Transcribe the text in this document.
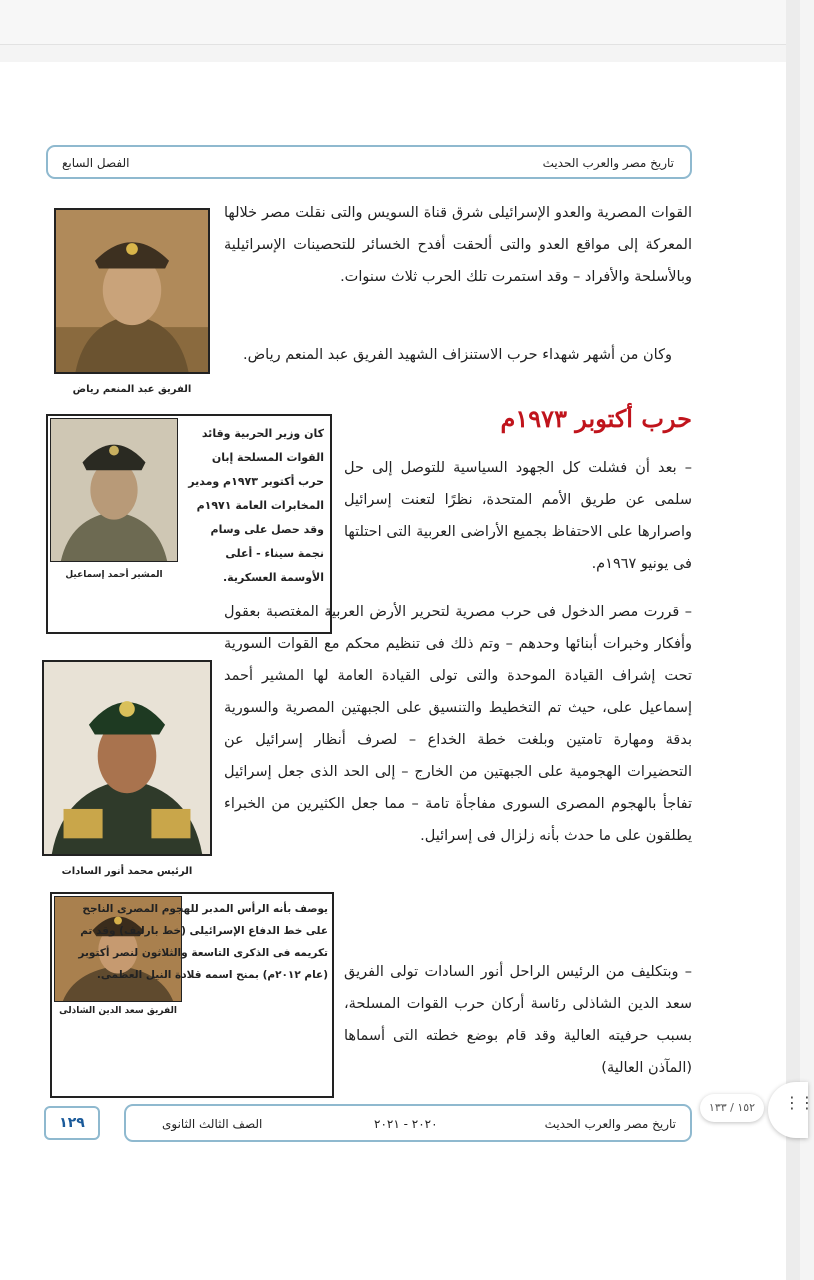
الفصل السابع	تاريخ مصر والعرب الحديث
الفريق عبد المنعم رياض
القوات المصرية والعدو الإسرائيلى شرق قناة السويس والتى نقلت مصر خلالها المعركة إلى مواقع العدو والتى ألحقت أفدح الخسائر للتحصينات الإسرائيلية وبالأسلحة والأفراد – وقد استمرت تلك الحرب ثلاث سنوات.
وكان من أشهر شهداء حرب الاستنزاف الشهيد الفريق عبد المنعم رياض.
حرب أكتوبر ١٩٧٣م
المشير أحمد إسماعيل
كان وزير الحربية وقائد القوات المسلحة إبان حرب أكتوبر ١٩٧٣م ومدير المخابرات العامة ١٩٧١م وقد حصل على وسام نجمة سيناء - أعلى الأوسمة العسكرية.
– بعد أن فشلت كل الجهود السياسية للتوصل إلى حل سلمى عن طريق الأمم المتحدة، نظرًا لتعنت إسرائيل واصرارها على الاحتفاظ بجميع الأراضى العربية التى احتلتها فى يونيو ١٩٦٧م.
الرئيس محمد أنور السادات
– قررت مصر الدخول فى حرب مصرية لتحرير الأرض العربية المغتصبة بعقول وأفكار وخبرات أبنائها وحدهم – وتم ذلك فى تنظيم محكم مع القوات السورية تحت إشراف القيادة الموحدة والتى تولى القيادة العامة لها المشير أحمد إسماعيل على، حيث تم التخطيط والتنسيق على الجبهتين المصرية والسورية بدقة ومهارة تامتين وبلغت خطة الخداع – لصرف أنظار إسرائيل عن التحضيرات الهجومية على الجبهتين من الخارج – إلى الحد الذى جعل إسرائيل تفاجأ بالهجوم المصرى السورى مفاجأة تامة – مما جعل الكثيرين من الخبراء يطلقون على ما حدث بأنه زلزال فى إسرائيل.
الفريق سعد الدين الشاذلى
يوصف بأنه الرأس المدبر للهجوم المصرى الناجح على خط الدفاع الإسرائيلى (خط بارليف) وقد تم تكريمه فى الذكرى التاسعة والثلاثون لنصر أكتوبر (عام ٢٠١٢م) بمنح اسمه قلادة النيل العظمى. – وبتكليف من الرئيس الراحل أنور السادات تولى الفريق سعد الدين الشاذلى رئاسة أركان حرب القوات المسلحة، بسبب حرفيته العالية وقد قام بوضع خطته التى أسماها (المآذن العالية)
١٢٩	الصف الثالث الثانوى	٢٠٢٠ - ٢٠٢١	تاريخ مصر والعرب الحديث
١٥٢ / ١٣٣	⋮⋮
